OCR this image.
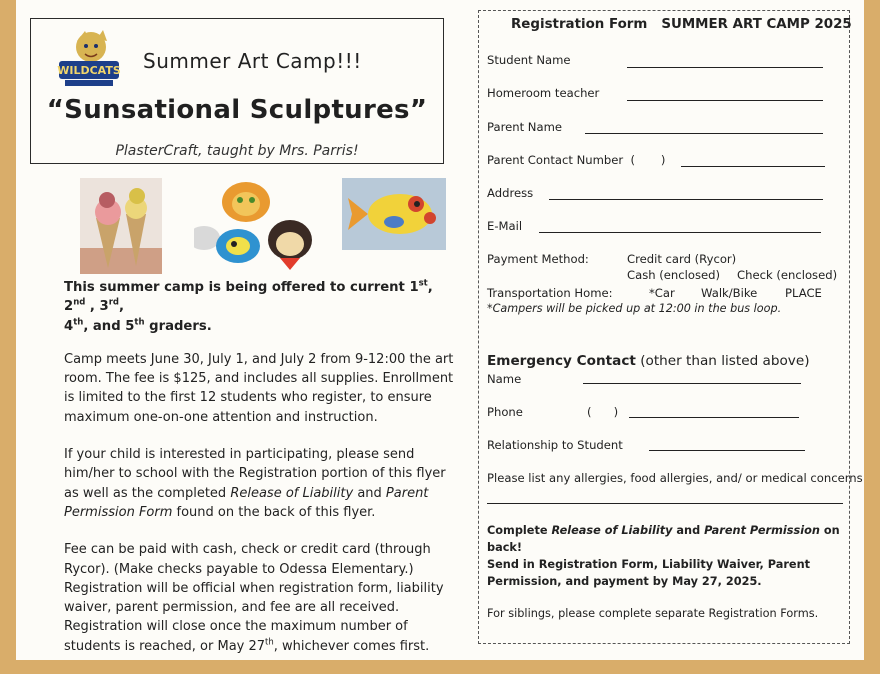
WILDCATS Summer Art Camp!!!
“Sunsational Sculptures”
PlasterCraft, taught by Mrs. Parris!

This summer camp is being offered to current 1st, 2nd , 3rd,
4th, and 5th graders.

Camp meets June 30, July 1, and July 2 from 9-12:00 the art room. The fee is $125, and includes all supplies. Enrollment is limited to the first 12 students who register, to ensure maximum one-on-one attention and instruction.

If your child is interested in participating, please send him/her to school with the Registration portion of this flyer as well as the completed Release of Liability and Parent Permission Form found on the back of this flyer.

Fee can be paid with cash, check or credit card (through Rycor). (Make checks payable to Odessa Elementary.) Registration will be official when registration form, liability waiver, parent permission, and fee are all received. Registration will close once the maximum number of students is reached, or May 27th, whichever comes first.

Registration Form SUMMER ART CAMP 2025
Student Name
Homeroom teacher
Parent Name
Parent Contact Number ( )
Address
E-Mail
Payment Method:	Credit card (Rycor)
Cash (enclosed) Check (enclosed)
Transportation Home:	*Car Walk/Bike PLACE
*Campers will be picked up at 12:00 in the bus loop.
Emergency Contact (other than listed above)
Name
Phone	( )
Relationship to Student
Please list any allergies, food allergies, and/ or medical concerns
Complete Release of Liability and Parent Permission on back!
Send in Registration Form, Liability Waiver, Parent Permission, and payment by May 27, 2025.
For siblings, please complete separate Registration Forms.
